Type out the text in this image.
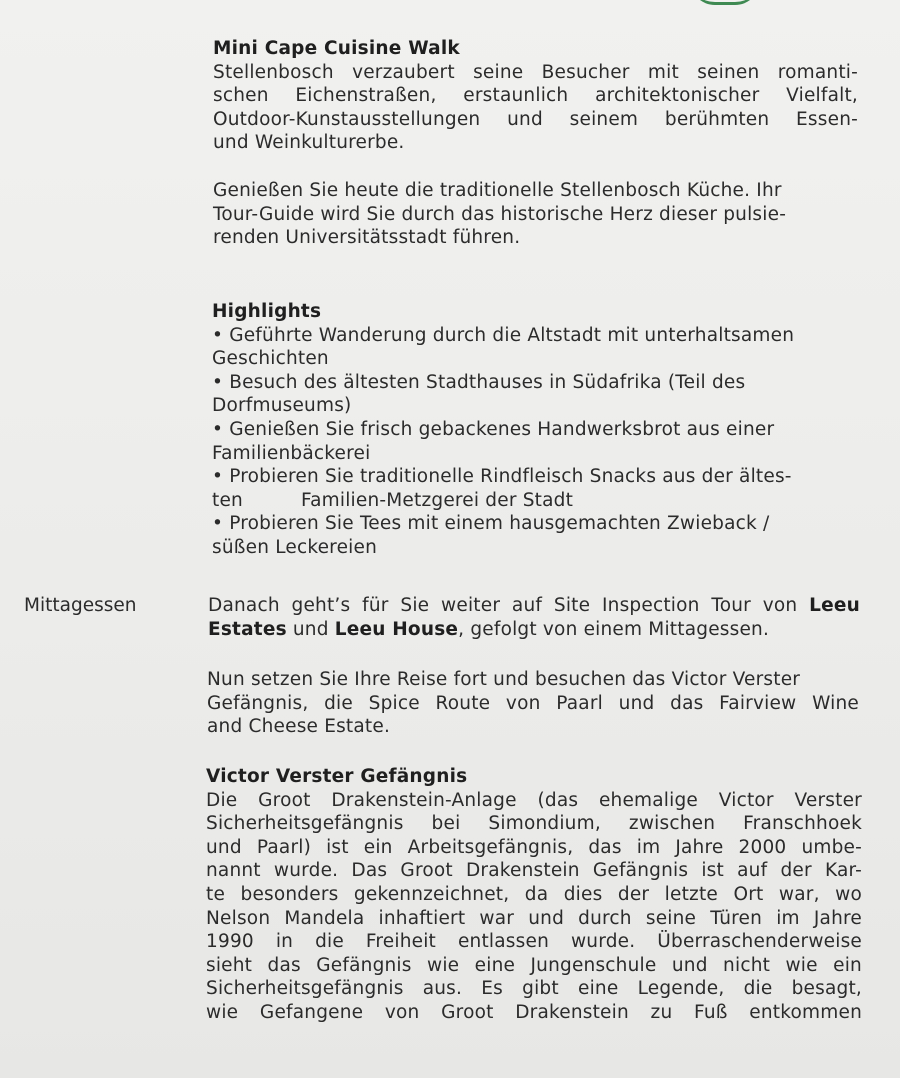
Mini Cape Cuisine Walk
Stellenbosch verzaubert seine Besucher mit seinen romanti-
schen Eichenstraßen, erstaunlich architektonischer Vielfalt,
Outdoor-Kunstausstellungen und seinem berühmten Essen-
und Weinkulturerbe.
Genießen Sie heute die traditionelle Stellenbosch Küche. Ihr
Tour-Guide wird Sie durch das historische Herz dieser pulsie-
renden Universitätsstadt führen.
Highlights
• Geführte Wanderung durch die Altstadt mit unterhaltsamen
Geschichten
• Besuch des ältesten Stadthauses in Südafrika (Teil des
Dorfmuseums)
• Genießen Sie frisch gebackenes Handwerksbrot aus einer
Familienbäckerei
• Probieren Sie traditionelle Rindfleisch Snacks aus der ältes-
ten	Familien-Metzgerei der Stadt
• Probieren Sie Tees mit einem hausgemachten Zwieback /
süßen Leckereien
Mittagessen	Danach geht’s für Sie weiter auf Site Inspection Tour von Leeu
Estates und Leeu House, gefolgt von einem Mittagessen.
Nun setzen Sie Ihre Reise fort und besuchen das Victor Verster
Gefängnis, die Spice Route von Paarl und das Fairview Wine
and Cheese Estate.
Victor Verster Gefängnis
Die Groot Drakenstein-Anlage (das ehemalige Victor Verster
Sicherheitsgefängnis bei Simondium, zwischen Franschhoek
und Paarl) ist ein Arbeitsgefängnis, das im Jahre 2000 umbe-
nannt wurde. Das Groot Drakenstein Gefängnis ist auf der Kar-
te besonders gekennzeichnet, da dies der letzte Ort war, wo
Nelson Mandela inhaftiert war und durch seine Türen im Jahre
1990 in die Freiheit entlassen wurde. Überraschenderweise
sieht das Gefängnis wie eine Jungenschule und nicht wie ein
Sicherheitsgefängnis aus. Es gibt eine Legende, die besagt,
wie Gefangene von Groot Drakenstein zu Fuß entkommen
